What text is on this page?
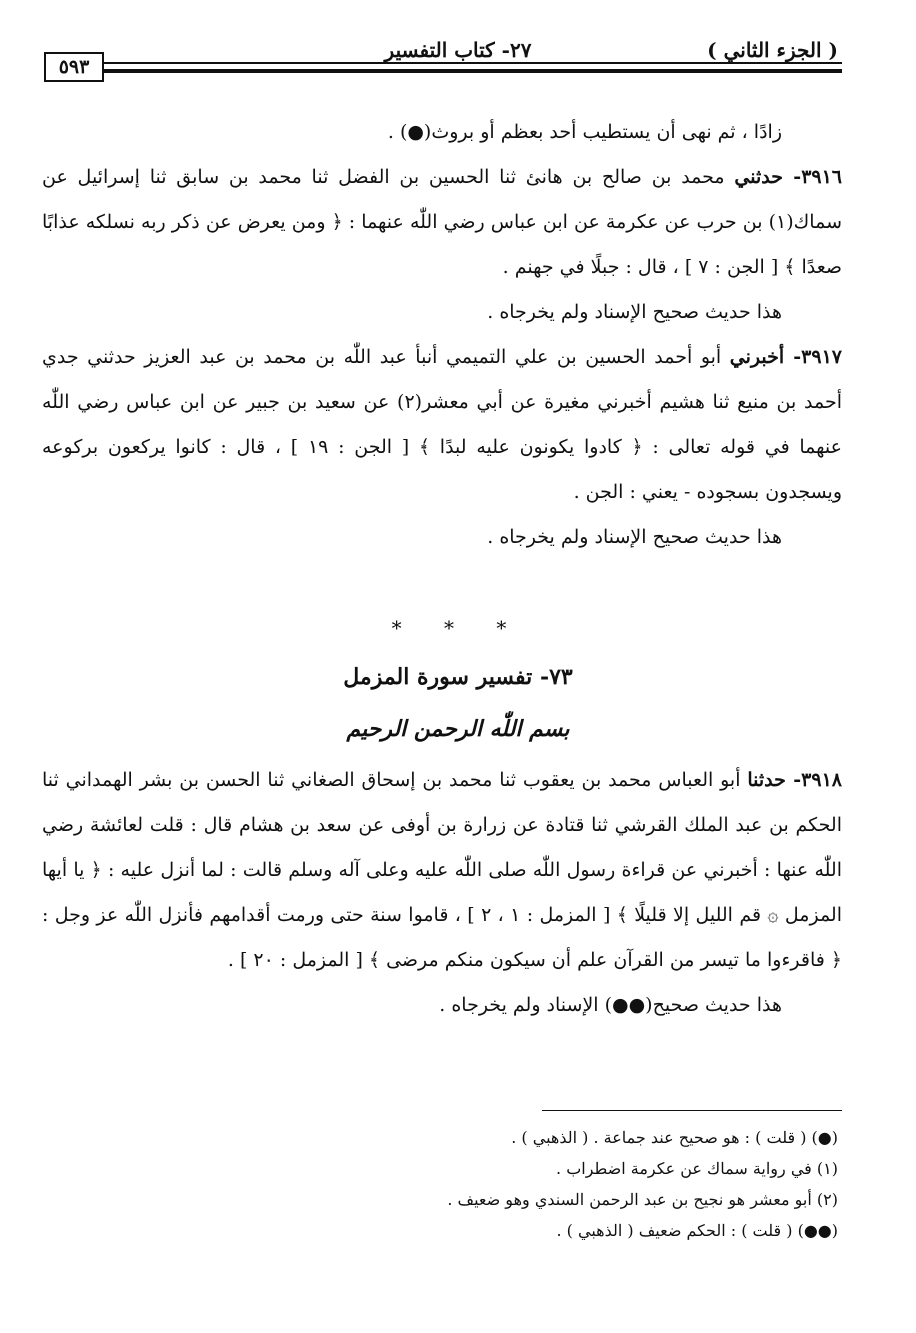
( الجزء الثاني )
٢٧- كتاب التفسير
٥٩٣

زادًا ، ثم نهى أن يستطيب أحد بعظم أو بروث(●) .

٣٩١٦- حدثني محمد بن صالح بن هانئ ثنا الحسين بن الفضل ثنا محمد بن سابق ثنا إسرائيل عن سماك(١) بن حرب عن عكرمة عن ابن عباس رضي اللّٰه عنهما : ﴿ ومن يعرض عن ذكر ربه نسلكه عذابًا صعدًا ﴾ [ الجن : ٧ ] ، قال : جبلًا في جهنم .

هذا حديث صحيح الإسناد ولم يخرجاه .

٣٩١٧- أخبرني أبو أحمد الحسين بن علي التميمي أنبأ عبد اللّٰه بن محمد بن عبد العزيز حدثني جدي أحمد بن منيع ثنا هشيم أخبرني مغيرة عن أبي معشر(٢) عن سعيد بن جبير عن ابن عباس رضي اللّٰه عنهما في قوله تعالى : ﴿ كادوا يكونون عليه لبدًا ﴾ [ الجن : ١٩ ] ، قال : كانوا يركعون بركوعه ويسجدون بسجوده - يعني : الجن .

هذا حديث صحيح الإسناد ولم يخرجاه .

* * *
٧٣- تفسير سورة المزمل
بسم اللّٰه الرحمن الرحيم

٣٩١٨- حدثنا أبو العباس محمد بن يعقوب ثنا محمد بن إسحاق الصغاني ثنا الحسن بن بشر الهمداني ثنا الحكم بن عبد الملك القرشي ثنا قتادة عن زرارة بن أوفى عن سعد بن هشام قال : قلت لعائشة رضي اللّٰه عنها : أخبرني عن قراءة رسول اللّٰه صلى اللّٰه عليه وعلى آله وسلم قالت : لما أنزل عليه : ﴿ يا أيها المزمل ۞ قم الليل إلا قليلًا ﴾ [ المزمل : ١ ، ٢ ] ، قاموا سنة حتى ورمت أقدامهم فأنزل اللّٰه عز وجل : ﴿ فاقرءوا ما تيسر من القرآن علم أن سيكون منكم مرضى ﴾ [ المزمل : ٢٠ ] .

هذا حديث صحيح(●●) الإسناد ولم يخرجاه .

(●) ( قلت ) : هو صحيح عند جماعة . ( الذهبي ) .

(١) في رواية سماك عن عكرمة اضطراب .

(٢) أبو معشر هو نجيح بن عبد الرحمن السندي وهو ضعيف .

(●●) ( قلت ) : الحكم ضعيف ( الذهبي ) .
